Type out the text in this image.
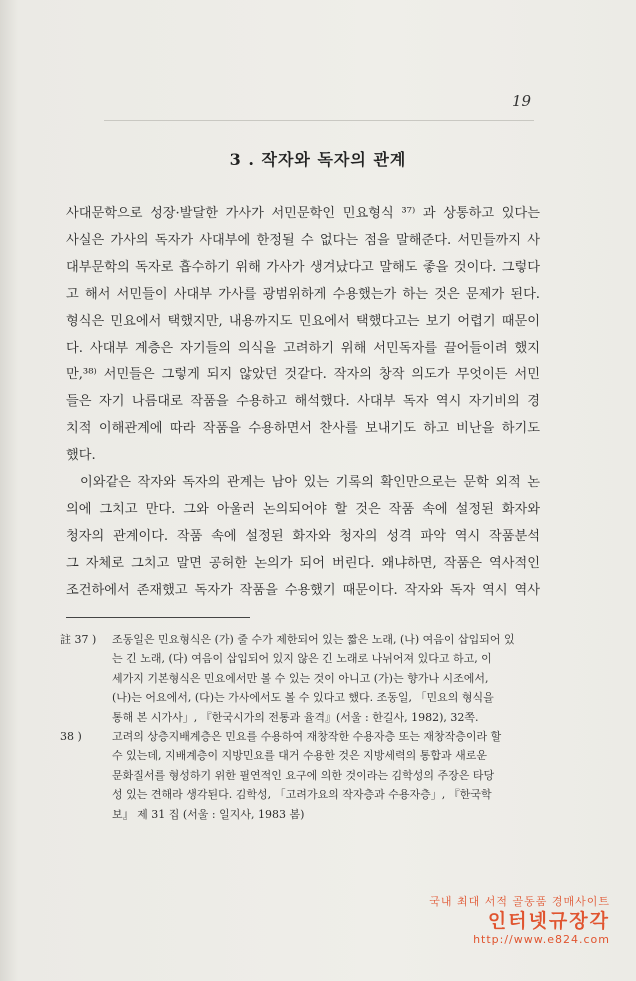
19
3 . 작자와 독자의 관계
사대문학으로 성장·발달한 가사가 서민문학인 민요형식 ³⁷⁾ 과 상통하고 있다는
사실은 가사의 독자가 사대부에 한정될 수 없다는 점을 말해준다. 서민들까지 사
대부문학의 독자로 흡수하기 위해 가사가 생겨났다고 말해도 좋을 것이다. 그렇다
고 해서 서민들이 사대부 가사를 광범위하게 수용했는가 하는 것은 문제가 된다.
형식은 민요에서 택했지만, 내용까지도 민요에서 택했다고는 보기 어렵기 때문이
다. 사대부 계층은 자기들의 의식을 고려하기 위해 서민독자를 끌어들이려 했지
만,³⁸⁾ 서민들은 그렇게 되지 않았던 것같다. 작자의 창작 의도가 무엇이든 서민
들은 자기 나름대로 작품을 수용하고 해석했다. 사대부 독자 역시 자기비의 경
치적 이해관계에 따라 작품을 수용하면서 찬사를 보내기도 하고 비난을 하기도
했다.
이와같은 작자와 독자의 관계는 남아 있는 기록의 확인만으로는 문학 외적 논
의에 그치고 만다. 그와 아울러 논의되어야 할 것은 작품 속에 설정된 화자와
청자의 관계이다. 작품 속에 설정된 화자와 청자의 성격 파악 역시 작품분석
그 자체로 그치고 말면 공허한 논의가 되어 버린다. 왜냐하면, 작품은 역사적인
조건하에서 존재했고 독자가 작품을 수용했기 때문이다. 작자와 독자 역시 역사
註 37 )	조동일은 민요형식은 (가) 줄 수가 제한되어 있는 짧은 노래, (나) 여음이 삽입되어 있
는 긴 노래, (다) 여음이 삽입되어 있지 않은 긴 노래로 나뉘어져 있다고 하고, 이
세가지 기본형식은 민요에서만 볼 수 있는 것이 아니고 (가)는 향가나 시조에서,
(나)는 어요에서, (다)는 가사에서도 볼 수 있다고 했다. 조동일, 「민요의 형식을
통해 본 시가사」, 『한국시가의 전통과 율격』(서울 : 한길사, 1982), 32쪽.
38 )	고려의 상층지배계층은 민요를 수용하여 재창작한 수용자층 또는 재창작층이라 할
수 있는데, 지배계층이 지방민요를 대거 수용한 것은 지방세력의 통합과 새로운
문화질서를 형성하기 위한 필연적인 요구에 의한 것이라는 김학성의 주장은 타당
성 있는 견해라 생각된다. 김학성, 「고려가요의 작자층과 수용자층」, 『한국학
보』 제 31 집 (서울 : 일지사, 1983 봄)
국내 최대 서적 골동품 경매사이트
인터넷규장각
http://www.e824.com
